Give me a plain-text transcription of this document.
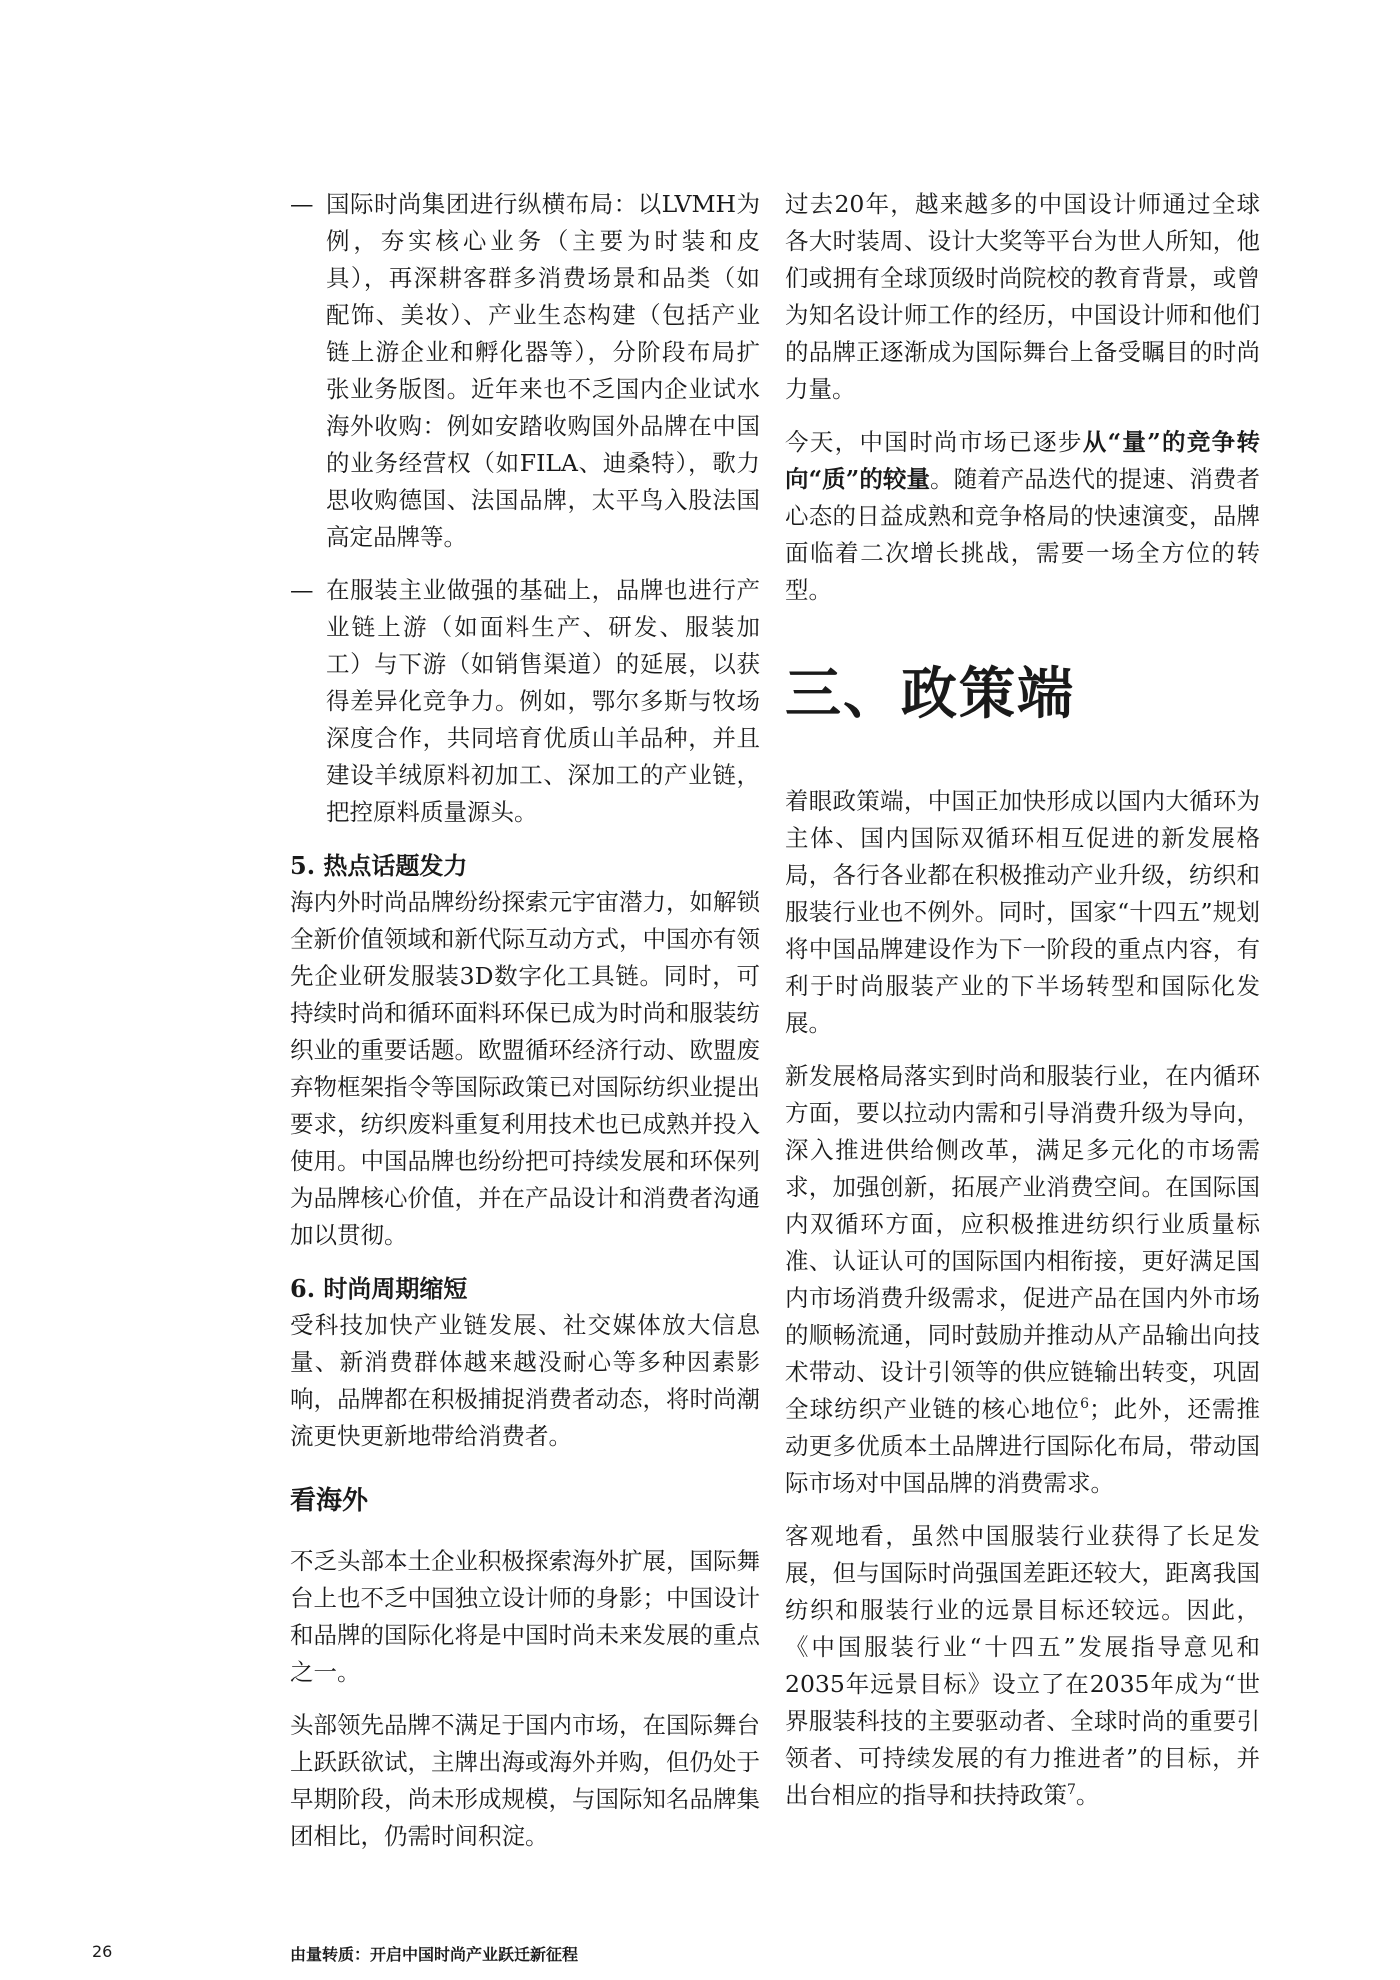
— 国际时尚集团进行纵横布局：以LVMH为例，夯实核心业务（主要为时装和皮具），再深耕客群多消费场景和品类（如配饰、美妆）、产业生态构建（包括产业链上游企业和孵化器等），分阶段布局扩张业务版图。近年来也不乏国内企业试水海外收购：例如安踏收购国外品牌在中国的业务经营权（如FILA、迪桑特），歌力思收购德国、法国品牌，太平鸟入股法国高定品牌等。
— 在服装主业做强的基础上，品牌也进行产业链上游（如面料生产、研发、服装加工）与下游（如销售渠道）的延展，以获得差异化竞争力。例如，鄂尔多斯与牧场深度合作，共同培育优质山羊品种，并且建设羊绒原料初加工、深加工的产业链，把控原料质量源头。
5. 热点话题发力

海内外时尚品牌纷纷探索元宇宙潜力，如解锁全新价值领域和新代际互动方式，中国亦有领先企业研发服装3D数字化工具链。同时，可持续时尚和循环面料环保已成为时尚和服装纺织业的重要话题。欧盟循环经济行动、欧盟废弃物框架指令等国际政策已对国际纺织业提出要求，纺织废料重复利用技术也已成熟并投入使用。中国品牌也纷纷把可持续发展和环保列为品牌核心价值，并在产品设计和消费者沟通加以贯彻。

6. 时尚周期缩短

受科技加快产业链发展、社交媒体放大信息量、新消费群体越来越没耐心等多种因素影响，品牌都在积极捕捉消费者动态，将时尚潮流更快更新地带给消费者。

看海外

不乏头部本土企业积极探索海外扩展，国际舞台上也不乏中国独立设计师的身影；中国设计和品牌的国际化将是中国时尚未来发展的重点之一。

头部领先品牌不满足于国内市场，在国际舞台上跃跃欲试，主牌出海或海外并购，但仍处于早期阶段，尚未形成规模，与国际知名品牌集团相比，仍需时间积淀。

过去20年，越来越多的中国设计师通过全球各大时装周、设计大奖等平台为世人所知，他们或拥有全球顶级时尚院校的教育背景，或曾为知名设计师工作的经历，中国设计师和他们的品牌正逐渐成为国际舞台上备受瞩目的时尚力量。

今天，中国时尚市场已逐步从“量”的竞争转向“质”的较量。随着产品迭代的提速、消费者心态的日益成熟和竞争格局的快速演变，品牌面临着二次增长挑战，需要一场全方位的转型。

三、政策端

着眼政策端，中国正加快形成以国内大循环为主体、国内国际双循环相互促进的新发展格局，各行各业都在积极推动产业升级，纺织和服装行业也不例外。同时，国家“十四五”规划将中国品牌建设作为下一阶段的重点内容，有利于时尚服装产业的下半场转型和国际化发展。

新发展格局落实到时尚和服装行业，在内循环方面，要以拉动内需和引导消费升级为导向，深入推进供给侧改革，满足多元化的市场需求，加强创新，拓展产业消费空间。在国际国内双循环方面，应积极推进纺织行业质量标准、认证认可的国际国内相衔接，更好满足国内市场消费升级需求，促进产品在国内外市场的顺畅流通，同时鼓励并推动从产品输出向技术带动、设计引领等的供应链输出转变，巩固全球纺织产业链的核心地位$^6$；此外，还需推动更多优质本土品牌进行国际化布局，带动国际市场对中国品牌的消费需求。

客观地看，虽然中国服装行业获得了长足发展，但与国际时尚强国差距还较大，距离我国纺织和服装行业的远景目标还较远。因此，《中国服装行业“十四五”发展指导意见和2035年远景目标》设立了在2035年成为“世界服装科技的主要驱动者、全球时尚的重要引领者、可持续发展的有力推进者”的目标，并出台相应的指导和扶持政策$^7$。

26	由量转质：开启中国时尚产业跃迁新征程
